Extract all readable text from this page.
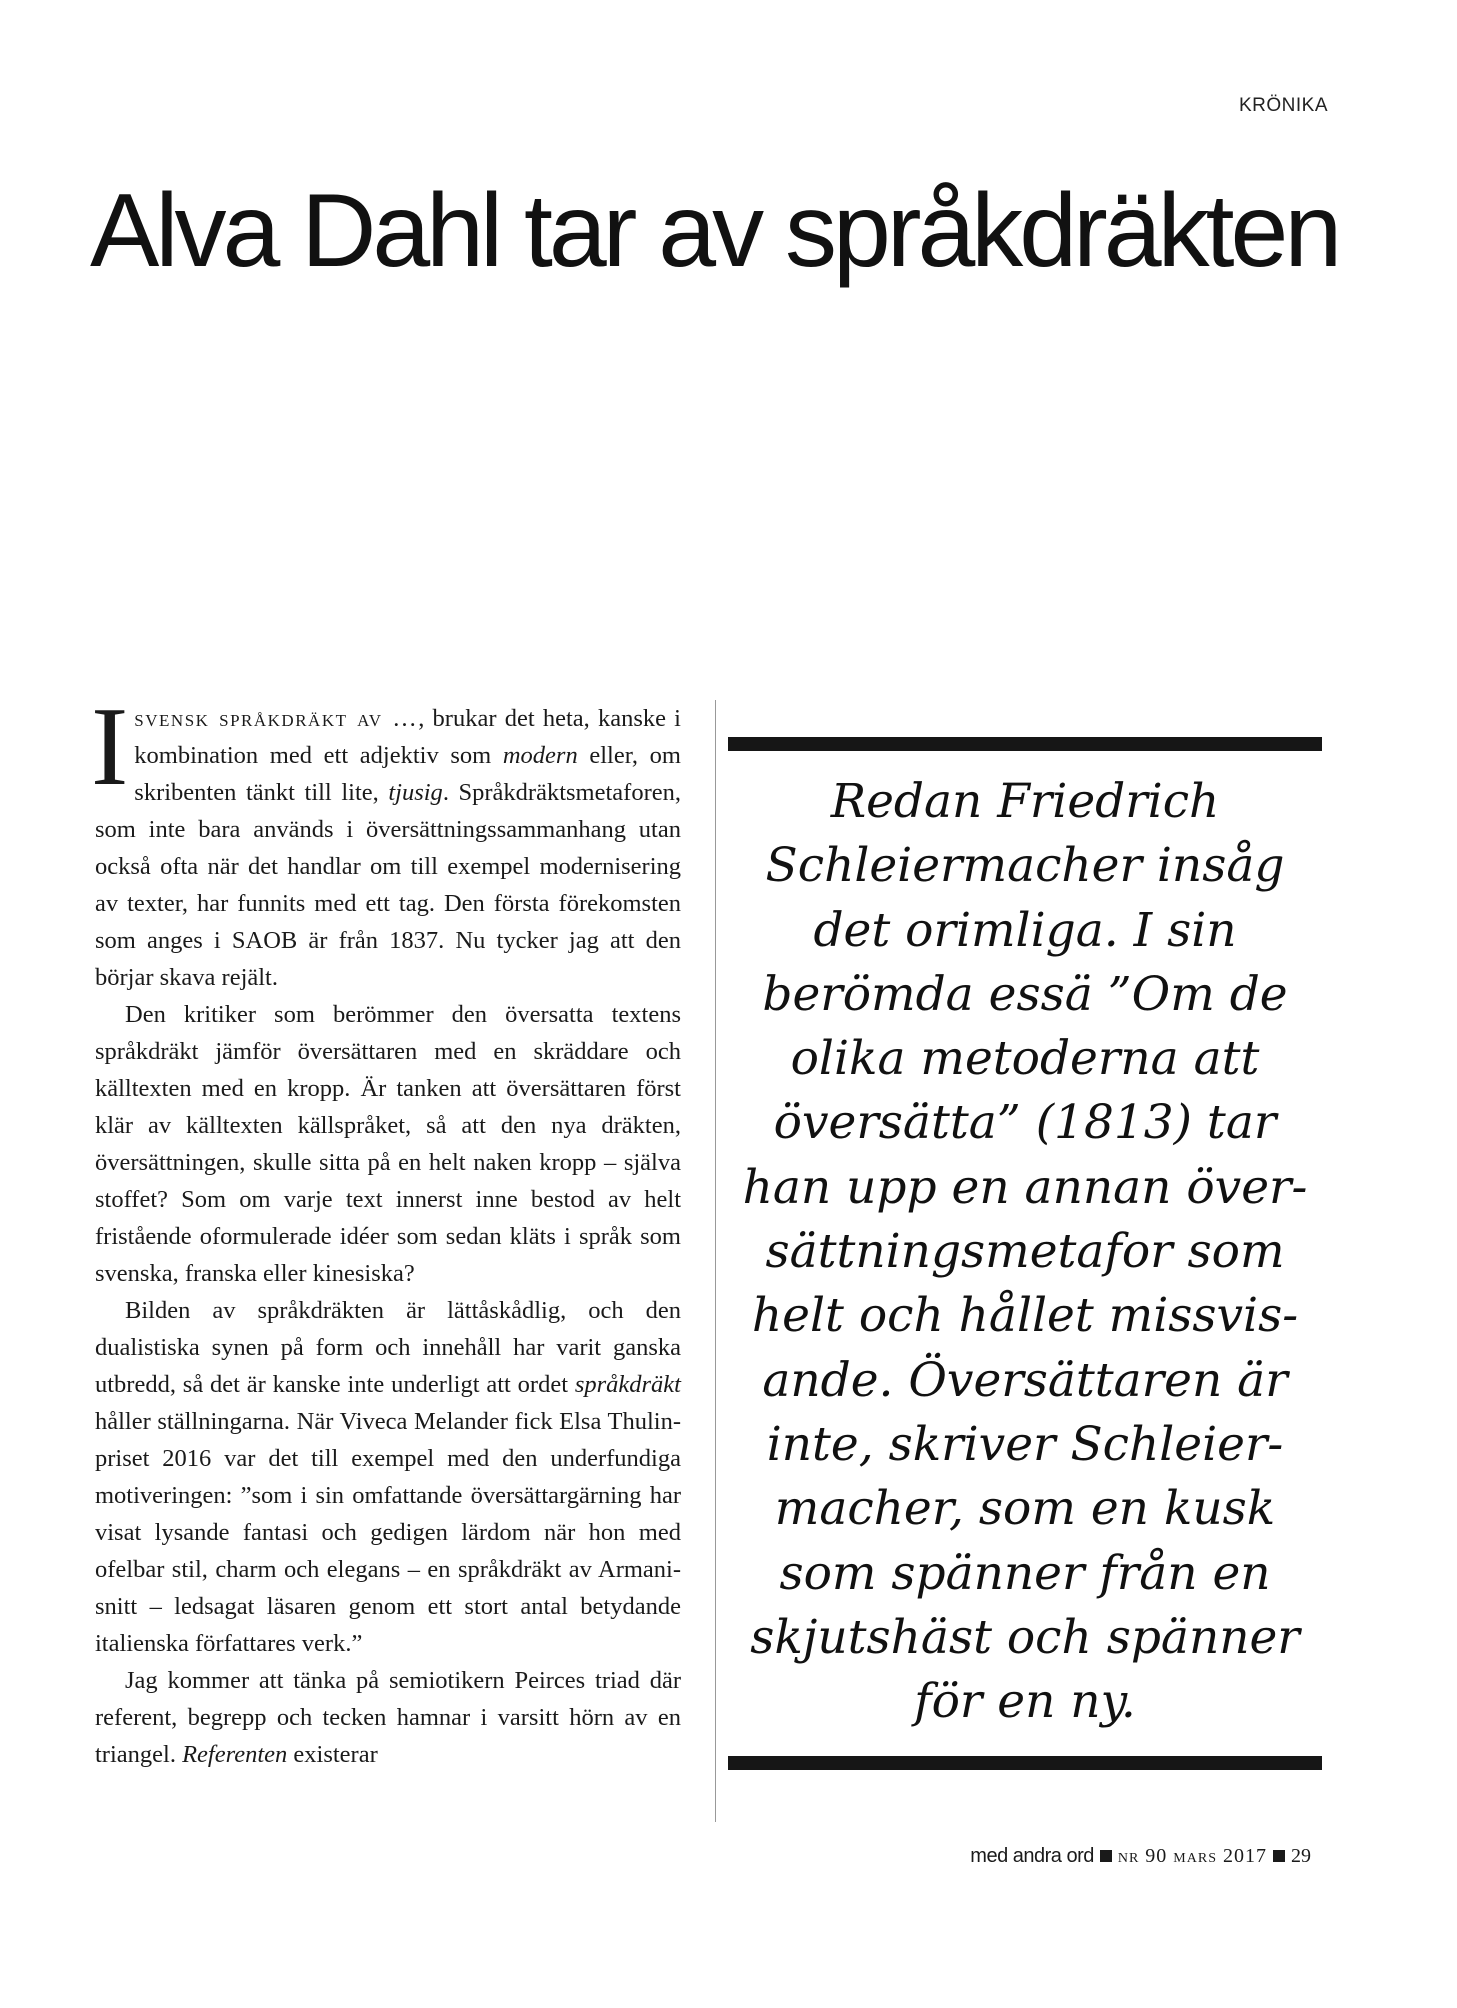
KRÖNIKA
Alva Dahl tar av språkdräkten

I svensk språkdräkt av …, brukar det heta, kanske i kombination med ett adjektiv som modern eller, om skribenten tänkt till lite, tjusig. Språkdräktsmetaforen, som inte bara används i översättningssammanhang utan också ofta när det handlar om till exempel modernisering av texter, har funnits med ett tag. Den första förekomsten som anges i SAOB är från 1837. Nu tycker jag att den börjar skava rejält.

Den kritiker som berömmer den översatta textens språkdräkt jämför översättaren med en skräddare och källtexten med en kropp. Är tanken att översättaren först klär av källtexten källspråket, så att den nya dräkten, översättningen, skulle sitta på en helt naken kropp – själva stoffet? Som om varje text innerst inne bestod av helt fristående oformulerade idéer som sedan kläts i språk som svenska, franska eller kinesiska?

Bilden av språkdräkten är lättåskådlig, och den dualistiska synen på form och innehåll har varit ganska utbredd, så det är kanske inte underligt att ordet språkdräkt håller ställningarna. När Viveca Melander fick Elsa Thulin-priset 2016 var det till exempel med den underfundiga motiveringen: ”som i sin omfattande översättargärning har visat lysande fantasi och gedigen lärdom när hon med ofelbar stil, charm och elegans – en språkdräkt av Armani-snitt – ledsagat läsaren genom ett stort antal betydande italienska författares verk.”

Jag kommer att tänka på semiotikern Peirces triad där referent, begrepp och tecken hamnar i varsitt hörn av en triangel. Referenten existerar

Redan Friedrich
Schleiermacher insåg
det orimliga. I sin
berömda essä ”Om de
olika metoderna att
översätta” (1813) tar
han upp en annan över-
sättningsmetafor som
helt och hållet missvis-
ande. Översättaren är
inte, skriver Schleier-
macher, som en kusk
som spänner från en
skjutshäst och spänner
för en ny.
med andra ord nr 90 mars 2017 29
